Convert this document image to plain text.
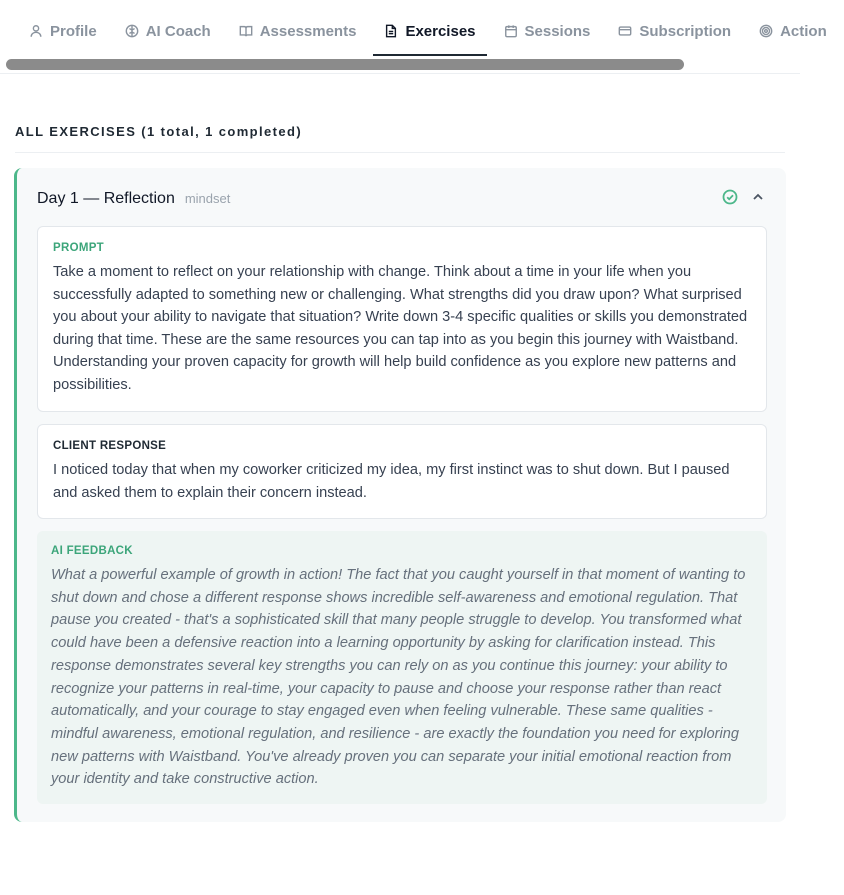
Profile	AI Coach	Assessments	Exercises	Sessions	Subscription	Action
ALL EXERCISES (1 total, 1 completed)
Day 1 — Reflection mindset
PROMPT
Take a moment to reflect on your relationship with change. Think about a time in your life when you successfully adapted to something new or challenging. What strengths did you draw upon? What surprised you about your ability to navigate that situation? Write down 3-4 specific qualities or skills you demonstrated during that time. These are the same resources you can tap into as you begin this journey with Waistband. Understanding your proven capacity for growth will help build confidence as you explore new patterns and possibilities.
CLIENT RESPONSE
I noticed today that when my coworker criticized my idea, my first instinct was to shut down. But I paused and asked them to explain their concern instead.
AI FEEDBACK
What a powerful example of growth in action! The fact that you caught yourself in that moment of wanting to shut down and chose a different response shows incredible self-awareness and emotional regulation. That pause you created - that's a sophisticated skill that many people struggle to develop. You transformed what could have been a defensive reaction into a learning opportunity by asking for clarification instead. This response demonstrates several key strengths you can rely on as you continue this journey: your ability to recognize your patterns in real-time, your capacity to pause and choose your response rather than react automatically, and your courage to stay engaged even when feeling vulnerable. These same qualities - mindful awareness, emotional regulation, and resilience - are exactly the foundation you need for exploring new patterns with Waistband. You've already proven you can separate your initial emotional reaction from your identity and take constructive action.
